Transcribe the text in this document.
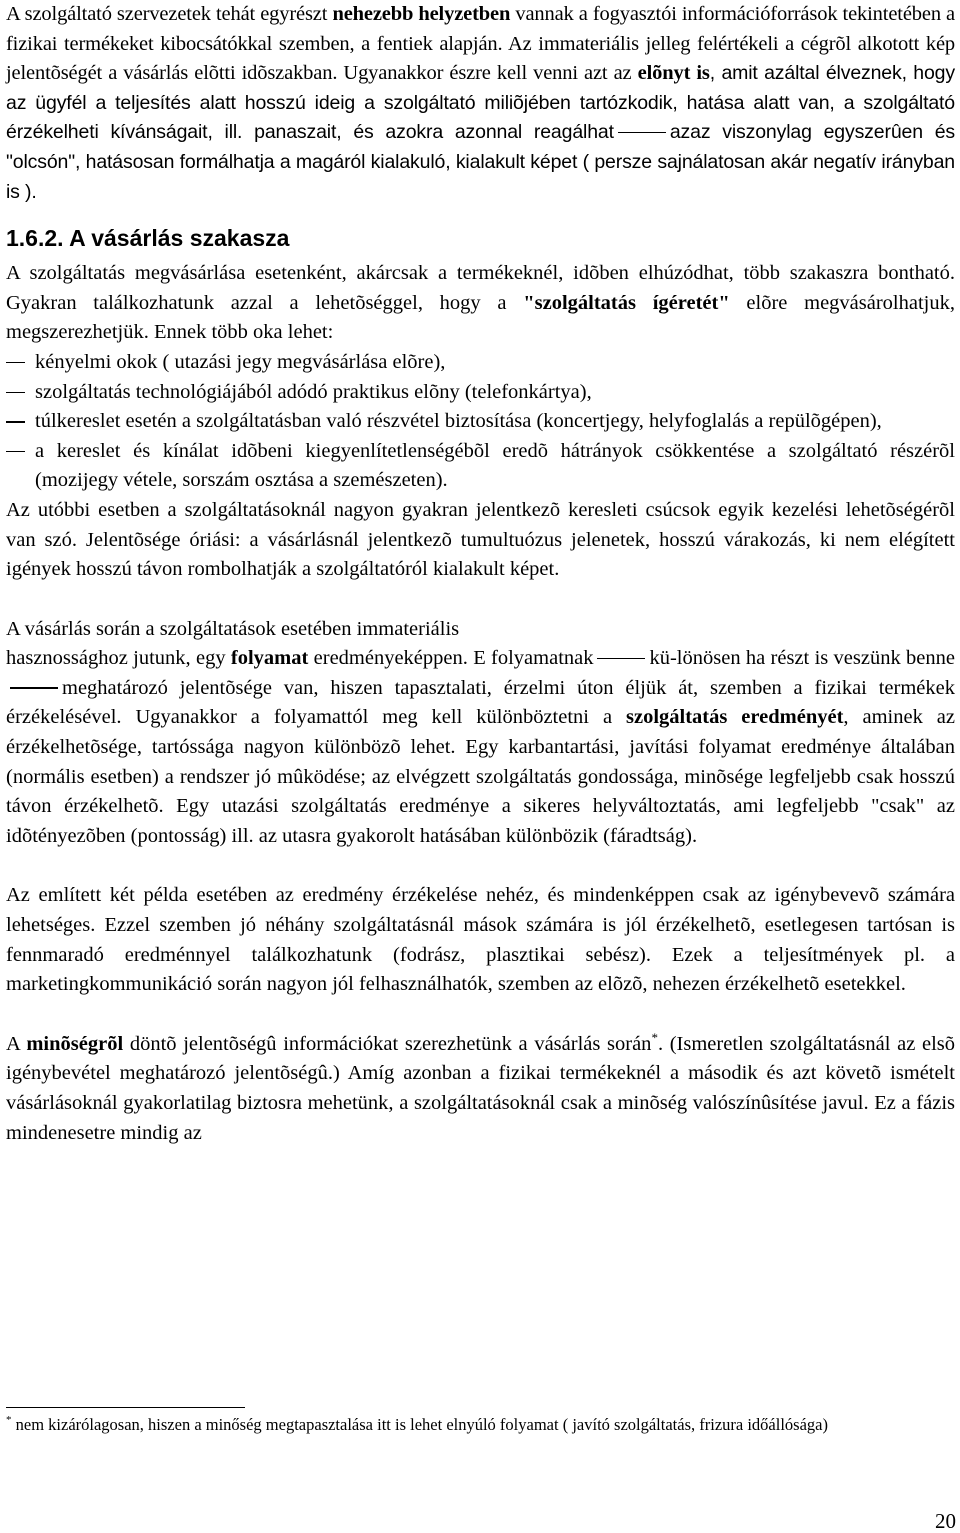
A szolgáltató szervezetek tehát egyrészt nehezebb helyzetben vannak a fogyasztói információforrások tekintetében a fizikai termékeket kibocsátókkal szemben, a fentiek alapján. Az immateriális jelleg felértékeli a cégrõl alkotott kép jelentõségét a vásárlás elõtti idõszakban. Ugyanakkor észre kell venni azt az elõnyt is, amit azáltal élveznek, hogy az ügyfél a teljesítés alatt hosszú ideig a szolgáltató miliõjében tartózkodik, hatása alatt van, a szolgáltató érzékelheti kívánságait, ill. panaszait, és azokra azonnal reagálhat	azaz viszonylag egyszerûen és "olcsón", hatásosan formálhatja a magáról kialakuló, kialakult képet ( persze sajnálatosan akár negatív irányban is ).

1.6.2. A vásárlás szakasza

A szolgáltatás megvásárlása esetenként, akárcsak a termékeknél, idõben elhúzódhat, több szakaszra bontható. Gyakran találkozhatunk azzal a lehetõséggel, hogy a "szolgáltatás ígéretét" elõre megvásárolhatjuk, megszerezhetjük. Ennek több oka lehet:

kényelmi okok ( utazási jegy megvásárlása elõre),
szolgáltatás technológiájából adódó praktikus elõny (telefonkártya),
túlkereslet esetén a szolgáltatásban való részvétel biztosítása (koncertjegy, helyfoglalás a repülõgépen),
a kereslet és kínálat idõbeni kiegyenlítetlenségébõl eredõ hátrányok csökkentése a szolgáltató részérõl (mozijegy vétele, sorszám osztása a szemészeten).

Az utóbbi esetben a szolgáltatásoknál nagyon gyakran jelentkezõ keresleti csúcsok egyik kezelési lehetõségérõl van szó. Jelentõsége óriási: a vásárlásnál jelentkezõ tumultuózus jelenetek, hosszú várakozás, ki nem elégített igények hosszú távon rombolhatják a szolgáltatóról kialakult képet.

A vásárlás során a szolgáltatások esetében immateriális
hasznossághoz jutunk, egy folyamat eredményeképpen. E folyamatnak	kü-lönösen ha részt is veszünk bennemeghatározó jelentõsége van, hiszen tapasztalati, érzelmi úton éljük át, szemben a fizikai termékek érzékelésével. Ugyanakkor a folyamattól meg kell különböztetni a szolgáltatás eredményét, aminek az érzékelhetõsége, tartóssága nagyon különbözõ lehet. Egy karbantartási, javítási folyamat eredménye általában (normális esetben) a rendszer jó mûködése; az elvégzett szolgáltatás gondossága, minõsége legfeljebb csak hosszú távon érzékelhetõ. Egy utazási szolgáltatás eredménye a sikeres helyváltoztatás, ami legfeljebb "csak" az idõtényezõben (pontosság) ill. az utasra gyakorolt hatásában különbözik (fáradtság).

Az említett két példa esetében az eredmény érzékelése nehéz, és mindenképpen csak az igénybevevõ számára lehetséges. Ezzel szemben jó néhány szolgáltatásnál mások számára is jól érzékelhetõ, esetlegesen tartósan is fennmaradó eredménnyel találkozhatunk (fodrász, plasztikai sebész). Ezek a teljesítmények pl. a marketingkommunikáció során nagyon jól felhasználhatók, szemben az elõzõ, nehezen érzékelhetõ esetekkel.

A minõségrõl döntõ jelentõségû információkat szerezhetünk a vásárlás során*. (Ismeretlen szolgáltatásnál az elsõ igénybevétel meghatározó jelentõségû.) Amíg azonban a fizikai termékeknél a második és azt követõ ismételt vásárlásoknál gyakorlatilag biztosra mehetünk, a szolgáltatásoknál csak a minõség valószínûsítése javul. Ez a fázis mindenesetre mindig az

* nem kizárólagosan, hiszen a minőség megtapasztalása itt is lehet elnyúló folyamat ( javító szolgáltatás, frizura időállósága)
20
